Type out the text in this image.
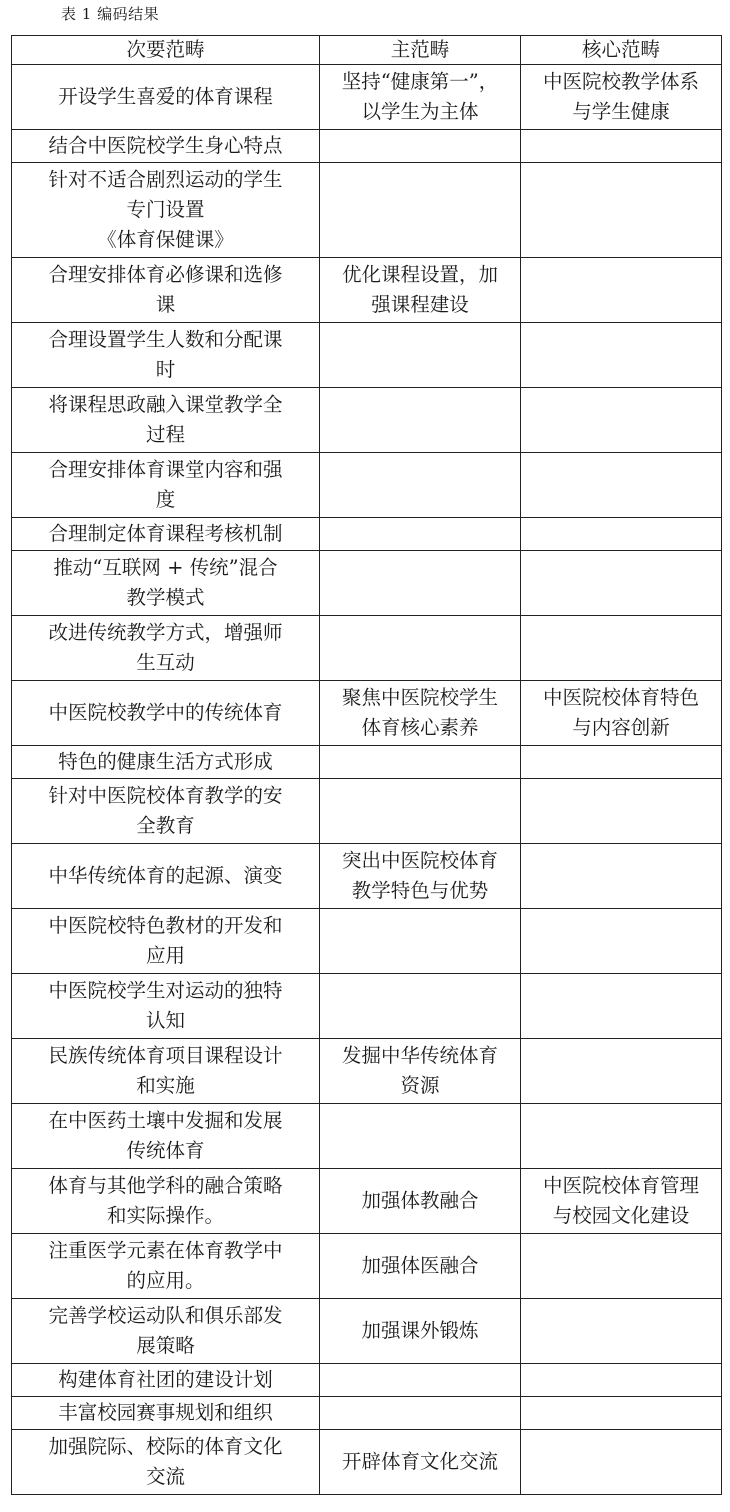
表 1 编码结果
次要范畴	主范畴	核心范畴

开设学生喜爱的体育课程	坚持“健康第一”，
以学生为主体	中医院校教学体系
与学生健康

结合中医院校学生身心特点		

针对不适合剧烈运动的学生
专门设置
《体育保健课》		

合理安排体育必修课和选修
课	优化课程设置，加
强课程建设	

合理设置学生人数和分配课
时		

将课程思政融入课堂教学全
过程		

合理安排体育课堂内容和强
度		

合理制定体育课程考核机制		

推动“互联网 + 传统”混合
教学模式		

改进传统教学方式，增强师
生互动		

中医院校教学中的传统体育	聚焦中医院校学生
体育核心素养	中医院校体育特色
与内容创新

特色的健康生活方式形成		

针对中医院校体育教学的安
全教育		

中华传统体育的起源、演变	突出中医院校体育
教学特色与优势	

中医院校特色教材的开发和
应用		

中医院校学生对运动的独特
认知		

民族传统体育项目课程设计
和实施	发掘中华传统体育
资源	

在中医药土壤中发掘和发展
传统体育		

体育与其他学科的融合策略
和实际操作。	加强体教融合	中医院校体育管理
与校园文化建设

注重医学元素在体育教学中
的应用。	加强体医融合	

完善学校运动队和俱乐部发
展策略	加强课外锻炼	

构建体育社团的建设计划		

丰富校园赛事规划和组织		

加强院际、校际的体育文化
交流	开辟体育文化交流	
